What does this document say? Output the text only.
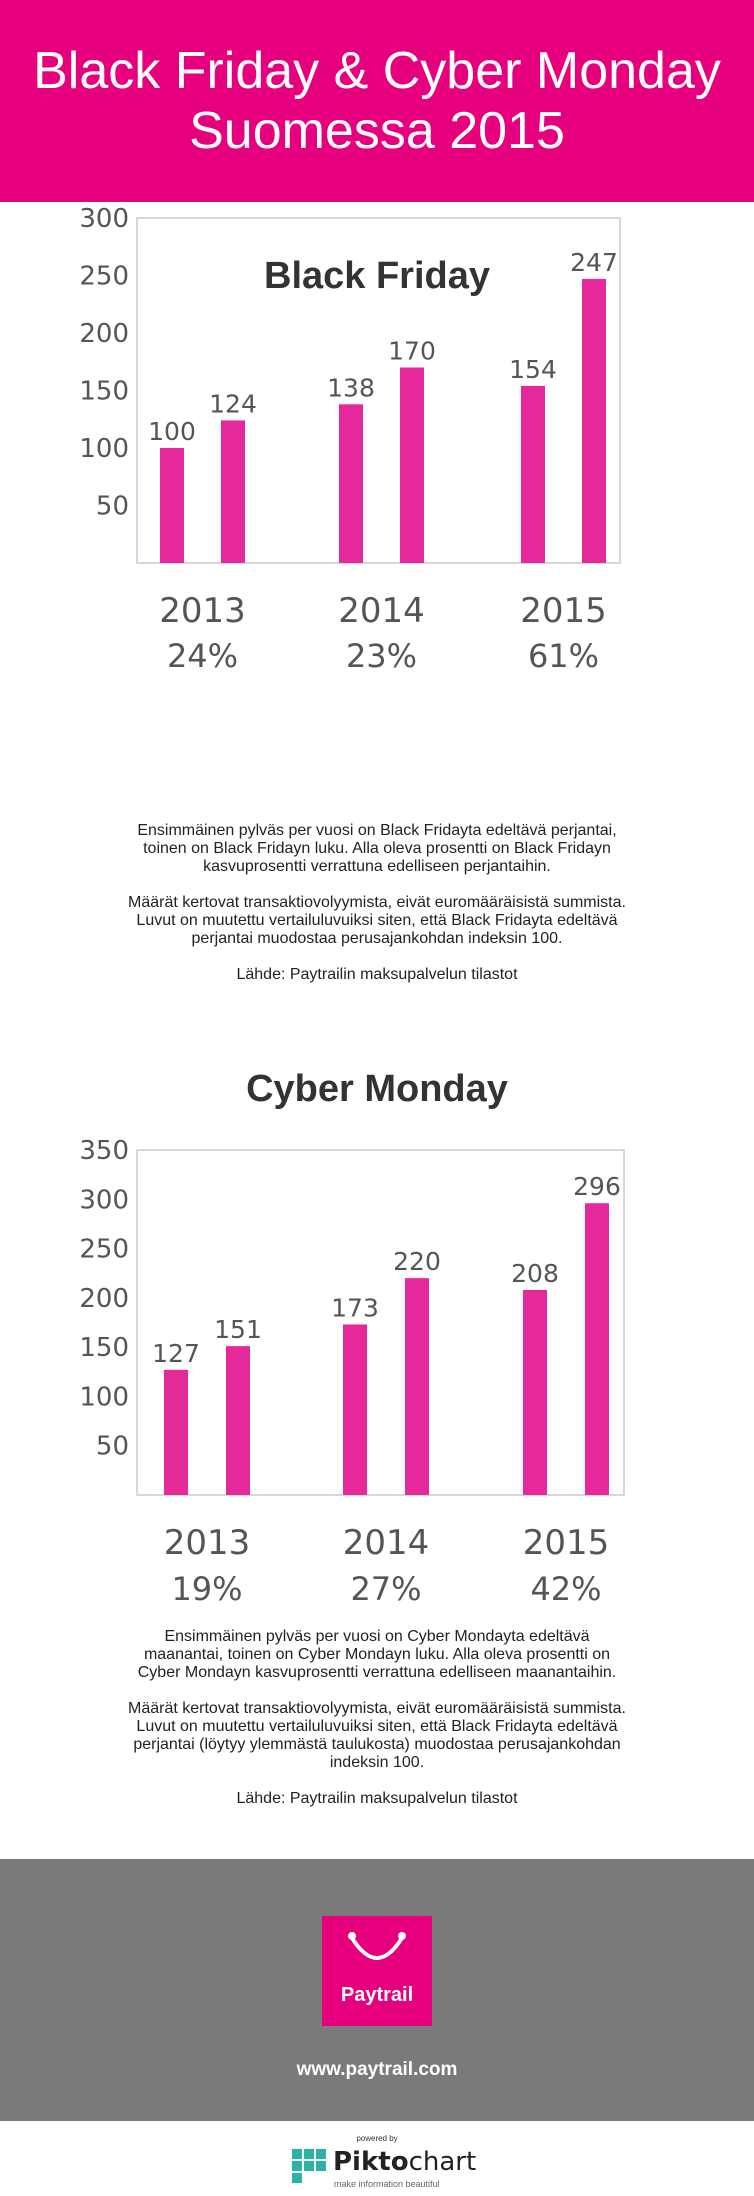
Black Friday & Cyber Monday
Suomessa 2015
Black Friday
50
100
150
200
250
300
100
124
2013
24%
138
170
2014
23%
154
247
2015
61%

Ensimmäinen pylväs per vuosi on Black Fridayta edeltävä perjantai, toinen on Black Fridayn luku. Alla oleva prosentti on Black Fridayn kasvuprosentti verrattuna edelliseen perjantaihin.

Määrät kertovat transaktiovolyymista, eivät euromääräisistä summista. Luvut on muutettu vertailuluvuiksi siten, että Black Fridayta edeltävä perjantai muodostaa perusajankohdan indeksin 100.

Lähde: Paytrailin maksupalvelun tilastot

Cyber Monday
50
100
150
200
250
300
350
127
151
2013
19%
173
220
2014
27%
208
296
2015
42%

Ensimmäinen pylväs per vuosi on Cyber Mondayta edeltävä maanantai, toinen on Cyber Mondayn luku. Alla oleva prosentti on Cyber Mondayn kasvuprosentti verrattuna edelliseen maanantaihin.

Määrät kertovat transaktiovolyymista, eivät euromääräisistä summista. Luvut on muutettu vertailuluvuiksi siten, että Black Fridayta edeltävä perjantai (löytyy ylemmästä taulukosta) muodostaa perusajankohdan indeksin 100.

Lähde: Paytrailin maksupalvelun tilastot

Paytrail
www.paytrail.com
powered by
Piktochart
make information beautiful
